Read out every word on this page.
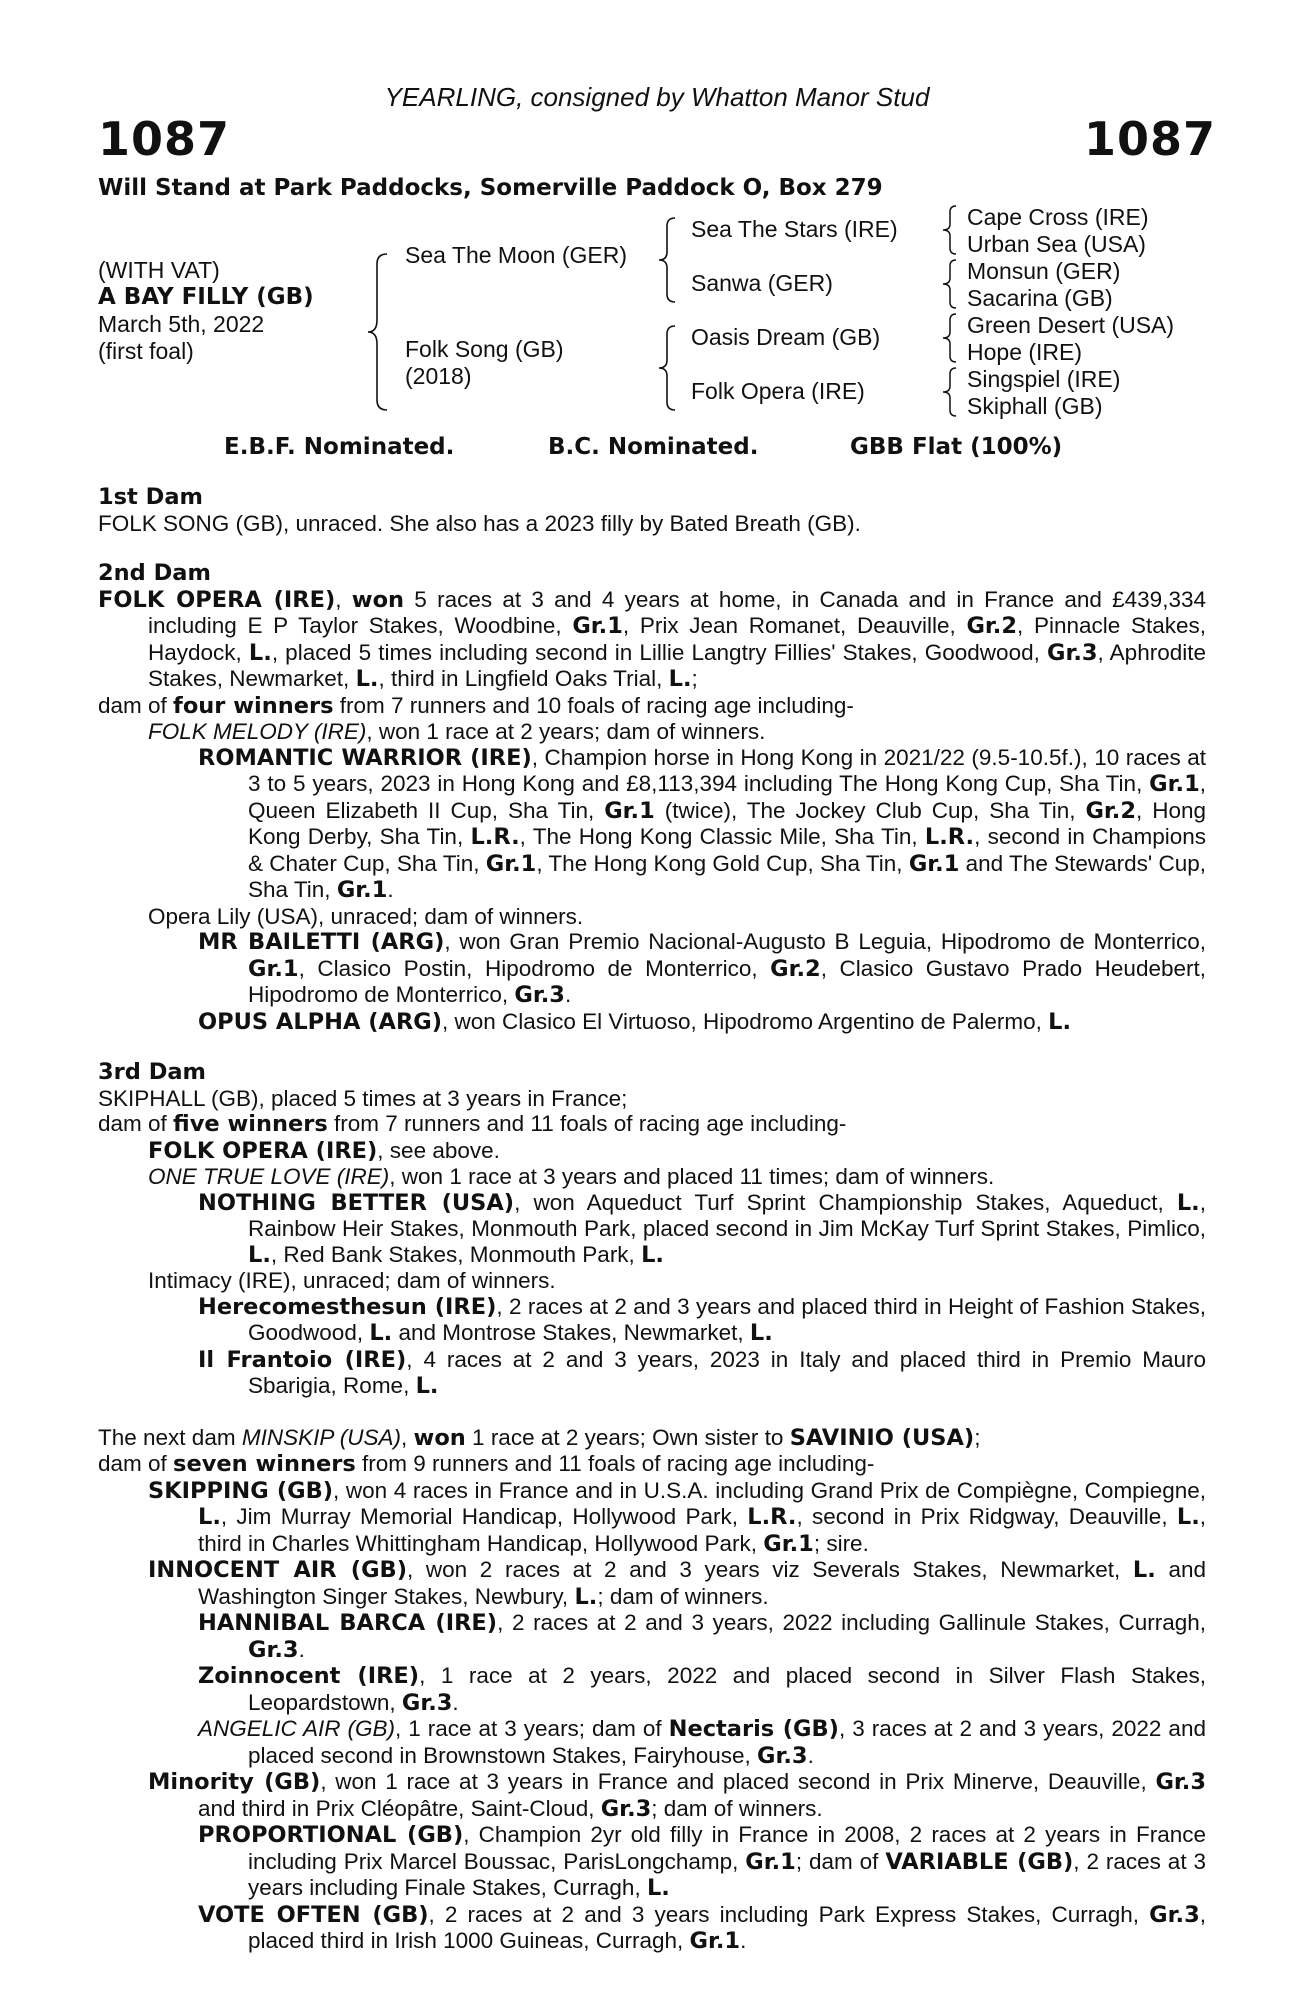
YEARLING, consigned by Whatton Manor Stud
1087	1087
Will Stand at Park Paddocks, Somerville Paddock O, Box 279
(WITH VAT)
A BAY FILLY (GB)
March 5th, 2022
(first foal)
Sea The Moon (GER)
Folk Song (GB)
(2018)
Sea The Stars (IRE)
Sanwa (GER)
Oasis Dream (GB)
Folk Opera (IRE)
Cape Cross (IRE)
Urban Sea (USA)
Monsun (GER)
Sacarina (GB)
Green Desert (USA)
Hope (IRE)
Singspiel (IRE)
Skiphall (GB)
E.B.F. Nominated.	B.C. Nominated.	GBB Flat (100%)
1st Dam
FOLK SONG (GB), unraced. She also has a 2023 filly by Bated Breath (GB).
2nd Dam
FOLK OPERA (IRE), won 5 races at 3 and 4 years at home, in Canada and in France and £439,334 including E P Taylor Stakes, Woodbine, Gr.1, Prix Jean Romanet, Deauville, Gr.2, Pinnacle Stakes, Haydock, L., placed 5 times including second in Lillie Langtry Fillies' Stakes, Goodwood, Gr.3, Aphrodite Stakes, Newmarket, L., third in Lingfield Oaks Trial, L.;
dam of four winners from 7 runners and 10 foals of racing age including-
FOLK MELODY (IRE), won 1 race at 2 years; dam of winners.
ROMANTIC WARRIOR (IRE), Champion horse in Hong Kong in 2021/22 (9.5-10.5f.), 10 races at 3 to 5 years, 2023 in Hong Kong and £8,113,394 including The Hong Kong Cup, Sha Tin, Gr.1, Queen Elizabeth II Cup, Sha Tin, Gr.1 (twice), The Jockey Club Cup, Sha Tin, Gr.2, Hong Kong Derby, Sha Tin, L.R., The Hong Kong Classic Mile, Sha Tin, L.R., second in Champions & Chater Cup, Sha Tin, Gr.1, The Hong Kong Gold Cup, Sha Tin, Gr.1 and The Stewards' Cup, Sha Tin, Gr.1.
Opera Lily (USA), unraced; dam of winners.
MR BAILETTI (ARG), won Gran Premio Nacional-Augusto B Leguia, Hipodromo de Monterrico, Gr.1, Clasico Postin, Hipodromo de Monterrico, Gr.2, Clasico Gustavo Prado Heudebert, Hipodromo de Monterrico, Gr.3.
OPUS ALPHA (ARG), won Clasico El Virtuoso, Hipodromo Argentino de Palermo, L.
3rd Dam
SKIPHALL (GB), placed 5 times at 3 years in France;
dam of five winners from 7 runners and 11 foals of racing age including-
FOLK OPERA (IRE), see above.
ONE TRUE LOVE (IRE), won 1 race at 3 years and placed 11 times; dam of winners.
NOTHING BETTER (USA), won Aqueduct Turf Sprint Championship Stakes, Aqueduct, L., Rainbow Heir Stakes, Monmouth Park, placed second in Jim McKay Turf Sprint Stakes, Pimlico, L., Red Bank Stakes, Monmouth Park, L.
Intimacy (IRE), unraced; dam of winners.
Herecomesthesun (IRE), 2 races at 2 and 3 years and placed third in Height of Fashion Stakes, Goodwood, L. and Montrose Stakes, Newmarket, L.
Il Frantoio (IRE), 4 races at 2 and 3 years, 2023 in Italy and placed third in Premio Mauro Sbarigia, Rome, L.
The next dam MINSKIP (USA), won 1 race at 2 years; Own sister to SAVINIO (USA);
dam of seven winners from 9 runners and 11 foals of racing age including-
SKIPPING (GB), won 4 races in France and in U.S.A. including Grand Prix de Compiègne, Compiegne, L., Jim Murray Memorial Handicap, Hollywood Park, L.R., second in Prix Ridgway, Deauville, L., third in Charles Whittingham Handicap, Hollywood Park, Gr.1; sire.
INNOCENT AIR (GB), won 2 races at 2 and 3 years viz Severals Stakes, Newmarket, L. and Washington Singer Stakes, Newbury, L.; dam of winners.
HANNIBAL BARCA (IRE), 2 races at 2 and 3 years, 2022 including Gallinule Stakes, Curragh, Gr.3.
Zoinnocent (IRE), 1 race at 2 years, 2022 and placed second in Silver Flash Stakes, Leopardstown, Gr.3.
ANGELIC AIR (GB), 1 race at 3 years; dam of Nectaris (GB), 3 races at 2 and 3 years, 2022 and placed second in Brownstown Stakes, Fairyhouse, Gr.3.
Minority (GB), won 1 race at 3 years in France and placed second in Prix Minerve, Deauville, Gr.3 and third in Prix Cléopâtre, Saint-Cloud, Gr.3; dam of winners.
PROPORTIONAL (GB), Champion 2yr old filly in France in 2008, 2 races at 2 years in France including Prix Marcel Boussac, ParisLongchamp, Gr.1; dam of VARIABLE (GB), 2 races at 3 years including Finale Stakes, Curragh, L.
VOTE OFTEN (GB), 2 races at 2 and 3 years including Park Express Stakes, Curragh, Gr.3, placed third in Irish 1000 Guineas, Curragh, Gr.1.
